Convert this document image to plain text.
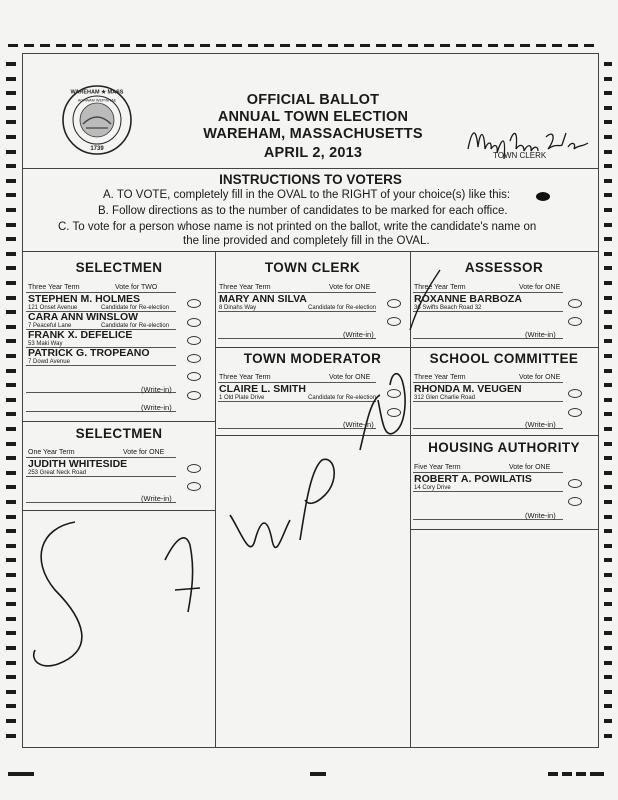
WAREHAM ★ MASS
AGAWAM WEPINNAE
1739
OFFICIAL BALLOT
ANNUAL TOWN ELECTION
WAREHAM, MASSACHUSETTS
APRIL 2, 2013	TOWN CLERK
INSTRUCTIONS TO VOTERS

A. TO VOTE, completely fill in the OVAL to the RIGHT of your choice(s) like this:

B. Follow directions as to the number of candidates to be marked for each office.

C. To vote for a person whose name is not printed on the ballot, write the candidate's name on

the line provided and completely fill in the OVAL.

SELECTMEN
Three Year Term	Vote for TWO
STEPHEN M. HOLMES
121 Onset Avenue	Candidate for Re-election
CARA ANN WINSLOW
7 Peaceful Lane	Candidate for Re-election
FRANK X. DEFELICE
53 Maki Way
PATRICK G. TROPEANO
7 Dowd Avenue
(Write-in)
(Write-in)
SELECTMEN
One Year Term	Vote for ONE
JUDITH WHITESIDE
253 Great Neck Road
(Write-in)
TOWN CLERK
Three Year Term	Vote for ONE
MARY ANN SILVA
8 Dinahs Way	Candidate for Re-election
(Write-in)
TOWN MODERATOR
Three Year Term	Vote for ONE
CLAIRE L. SMITH
1 Old Plate Drive	Candidate for Re-election
(Write-in)
ASSESSOR
Three Year Term	Vote for ONE
ROXANNE BARBOZA
36 Swifts Beach Road 32
(Write-in)
SCHOOL COMMITTEE
Three Year Term	Vote for ONE
RHONDA M. VEUGEN
312 Glen Charlie Road
(Write-in)
HOUSING AUTHORITY
Five Year Term	Vote for ONE
ROBERT A. POWILATIS
14 Cory Drive
(Write-in)
